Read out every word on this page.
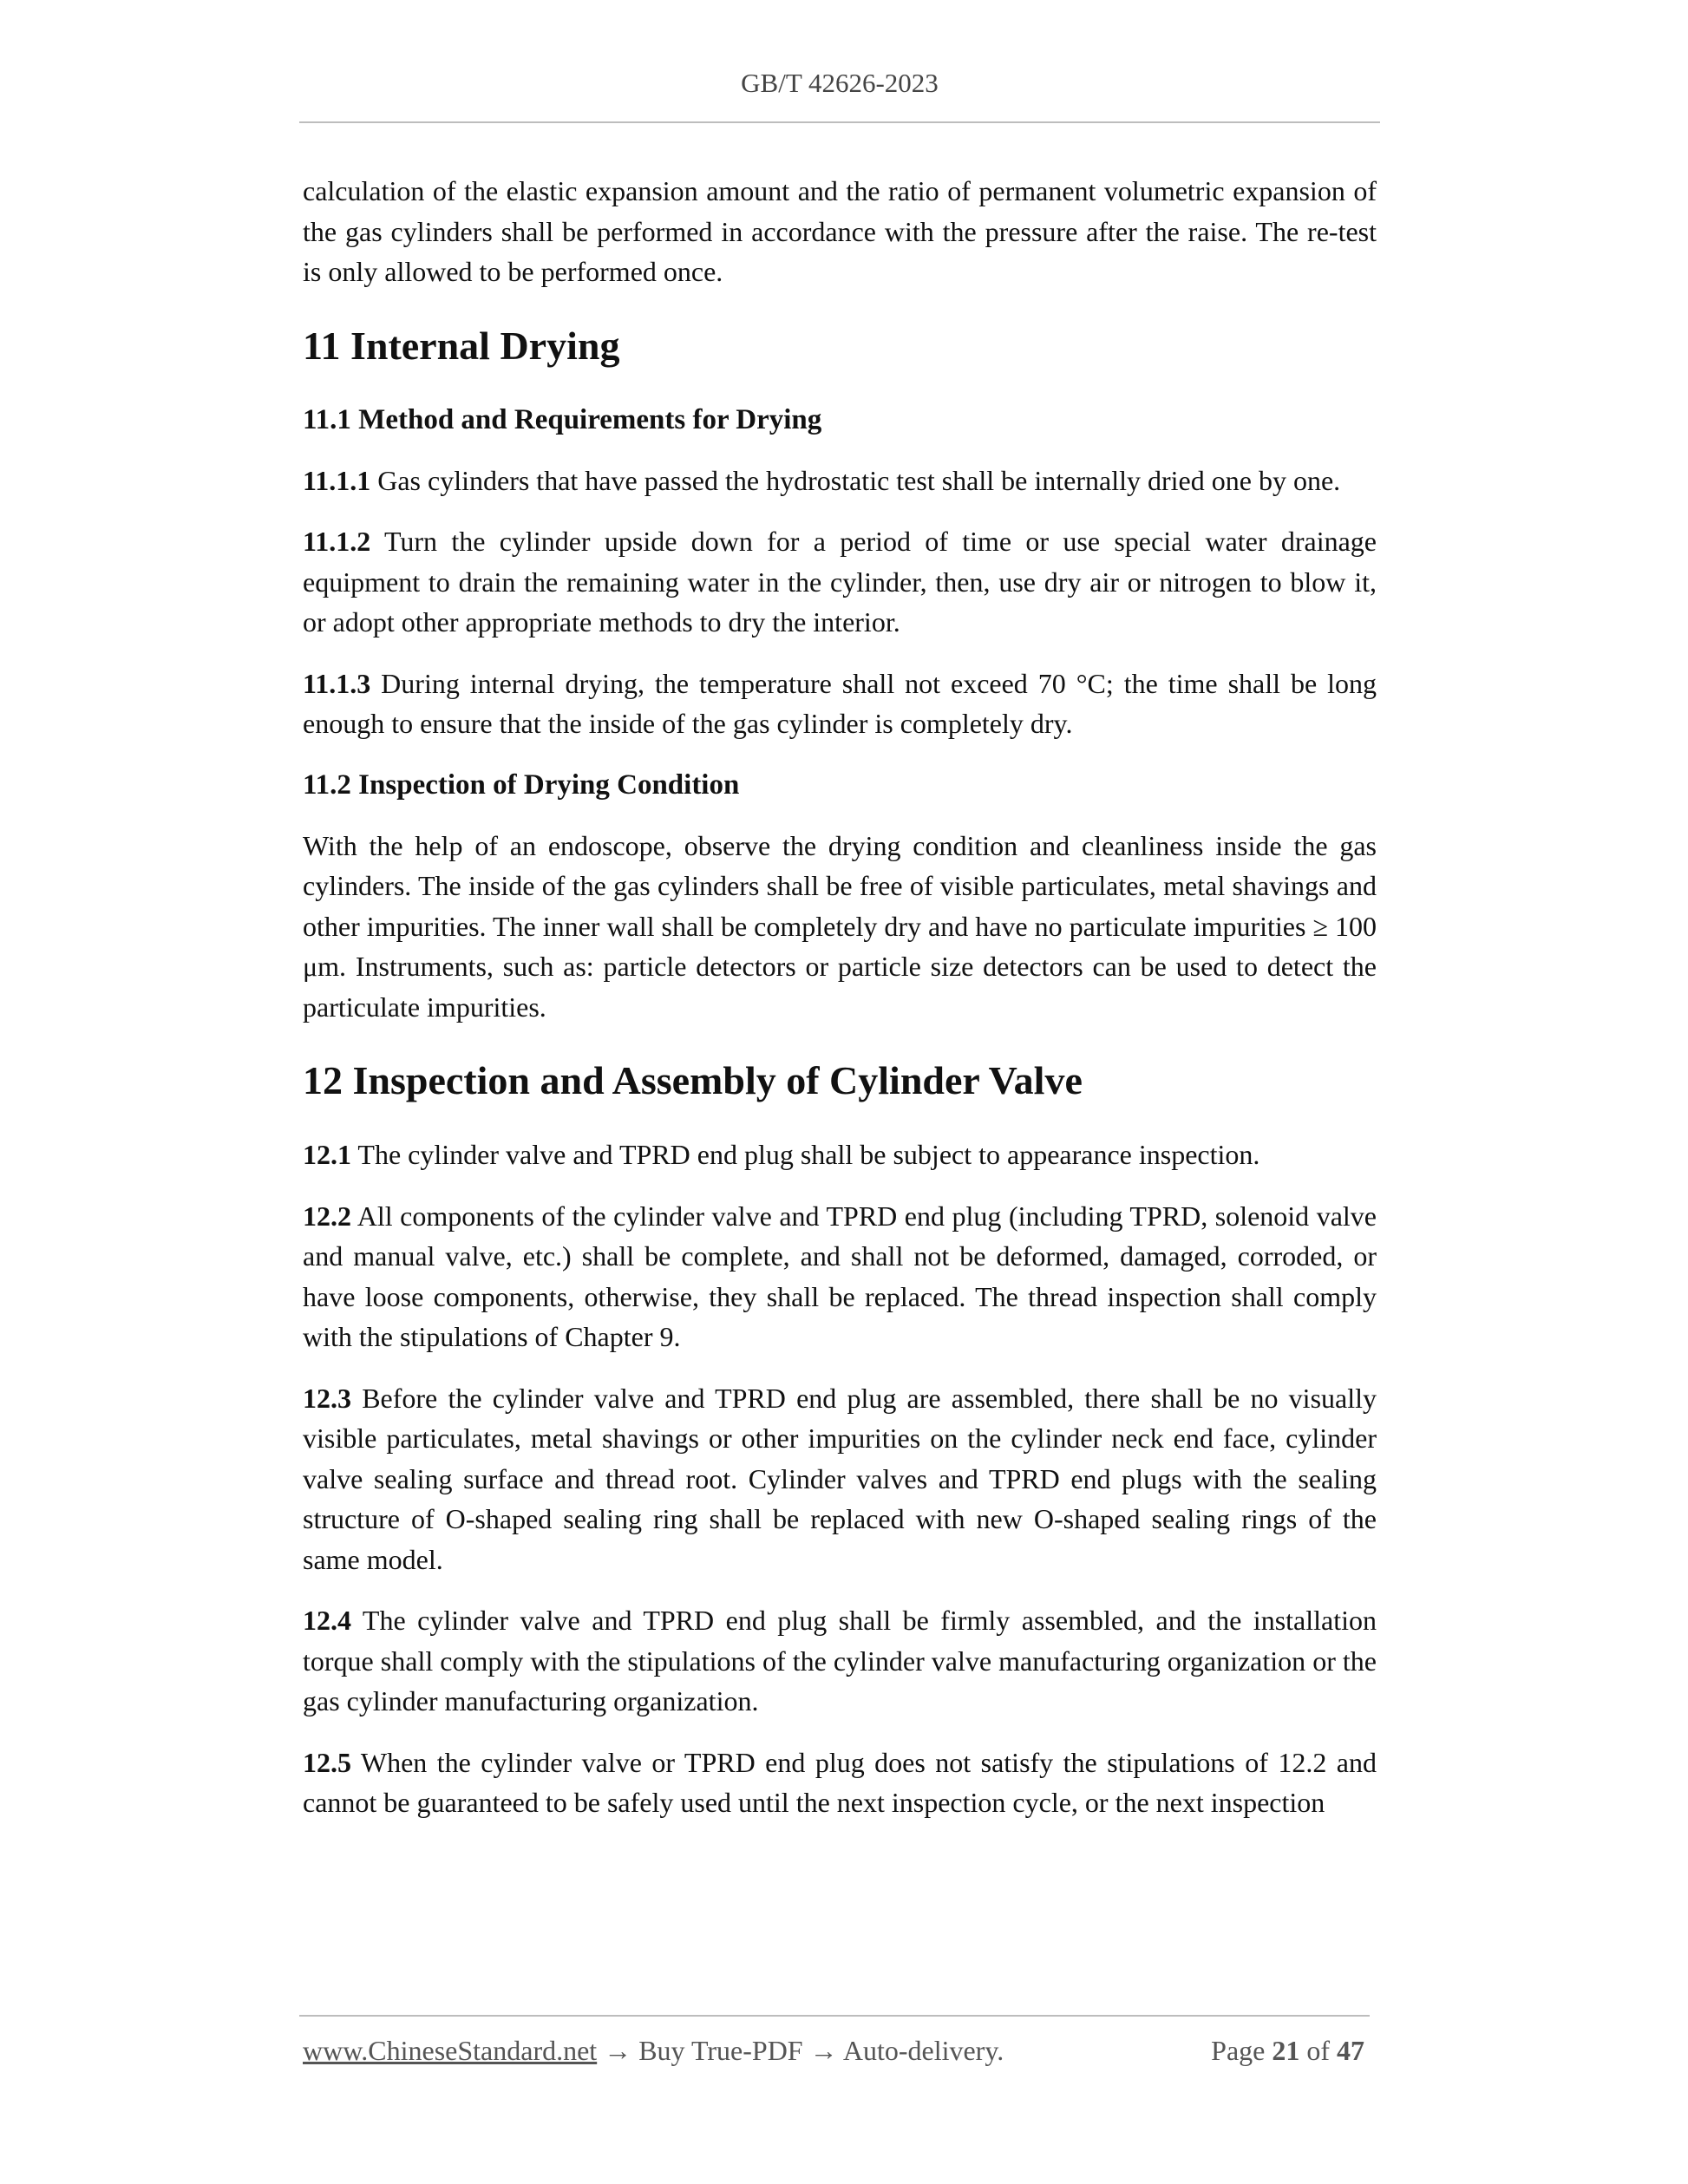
GB/T 42626-2023

calculation of the elastic expansion amount and the ratio of permanent volumetric expansion of the gas cylinders shall be performed in accordance with the pressure after the raise. The re-test is only allowed to be performed once.

11 Internal Drying
11.1 Method and Requirements for Drying

11.1.1 Gas cylinders that have passed the hydrostatic test shall be internally dried one by one.

11.1.2 Turn the cylinder upside down for a period of time or use special water drainage equipment to drain the remaining water in the cylinder, then, use dry air or nitrogen to blow it, or adopt other appropriate methods to dry the interior.

11.1.3 During internal drying, the temperature shall not exceed 70 °C; the time shall be long enough to ensure that the inside of the gas cylinder is completely dry.

11.2 Inspection of Drying Condition

With the help of an endoscope, observe the drying condition and cleanliness inside the gas cylinders. The inside of the gas cylinders shall be free of visible particulates, metal shavings and other impurities. The inner wall shall be completely dry and have no particulate impurities ≥ 100 μm. Instruments, such as: particle detectors or particle size detectors can be used to detect the particulate impurities.

12 Inspection and Assembly of Cylinder Valve

12.1 The cylinder valve and TPRD end plug shall be subject to appearance inspection.

12.2 All components of the cylinder valve and TPRD end plug (including TPRD, solenoid valve and manual valve, etc.) shall be complete, and shall not be deformed, damaged, corroded, or have loose components, otherwise, they shall be replaced. The thread inspection shall comply with the stipulations of Chapter 9.

12.3 Before the cylinder valve and TPRD end plug are assembled, there shall be no visually visible particulates, metal shavings or other impurities on the cylinder neck end face, cylinder valve sealing surface and thread root. Cylinder valves and TPRD end plugs with the sealing structure of O-shaped sealing ring shall be replaced with new O-shaped sealing rings of the same model.

12.4 The cylinder valve and TPRD end plug shall be firmly assembled, and the installation torque shall comply with the stipulations of the cylinder valve manufacturing organization or the gas cylinder manufacturing organization.

12.5 When the cylinder valve or TPRD end plug does not satisfy the stipulations of 12.2 and cannot be guaranteed to be safely used until the next inspection cycle, or the next inspection

www.ChineseStandard.net → Buy True-PDF → Auto-delivery.	Page 21 of 47
